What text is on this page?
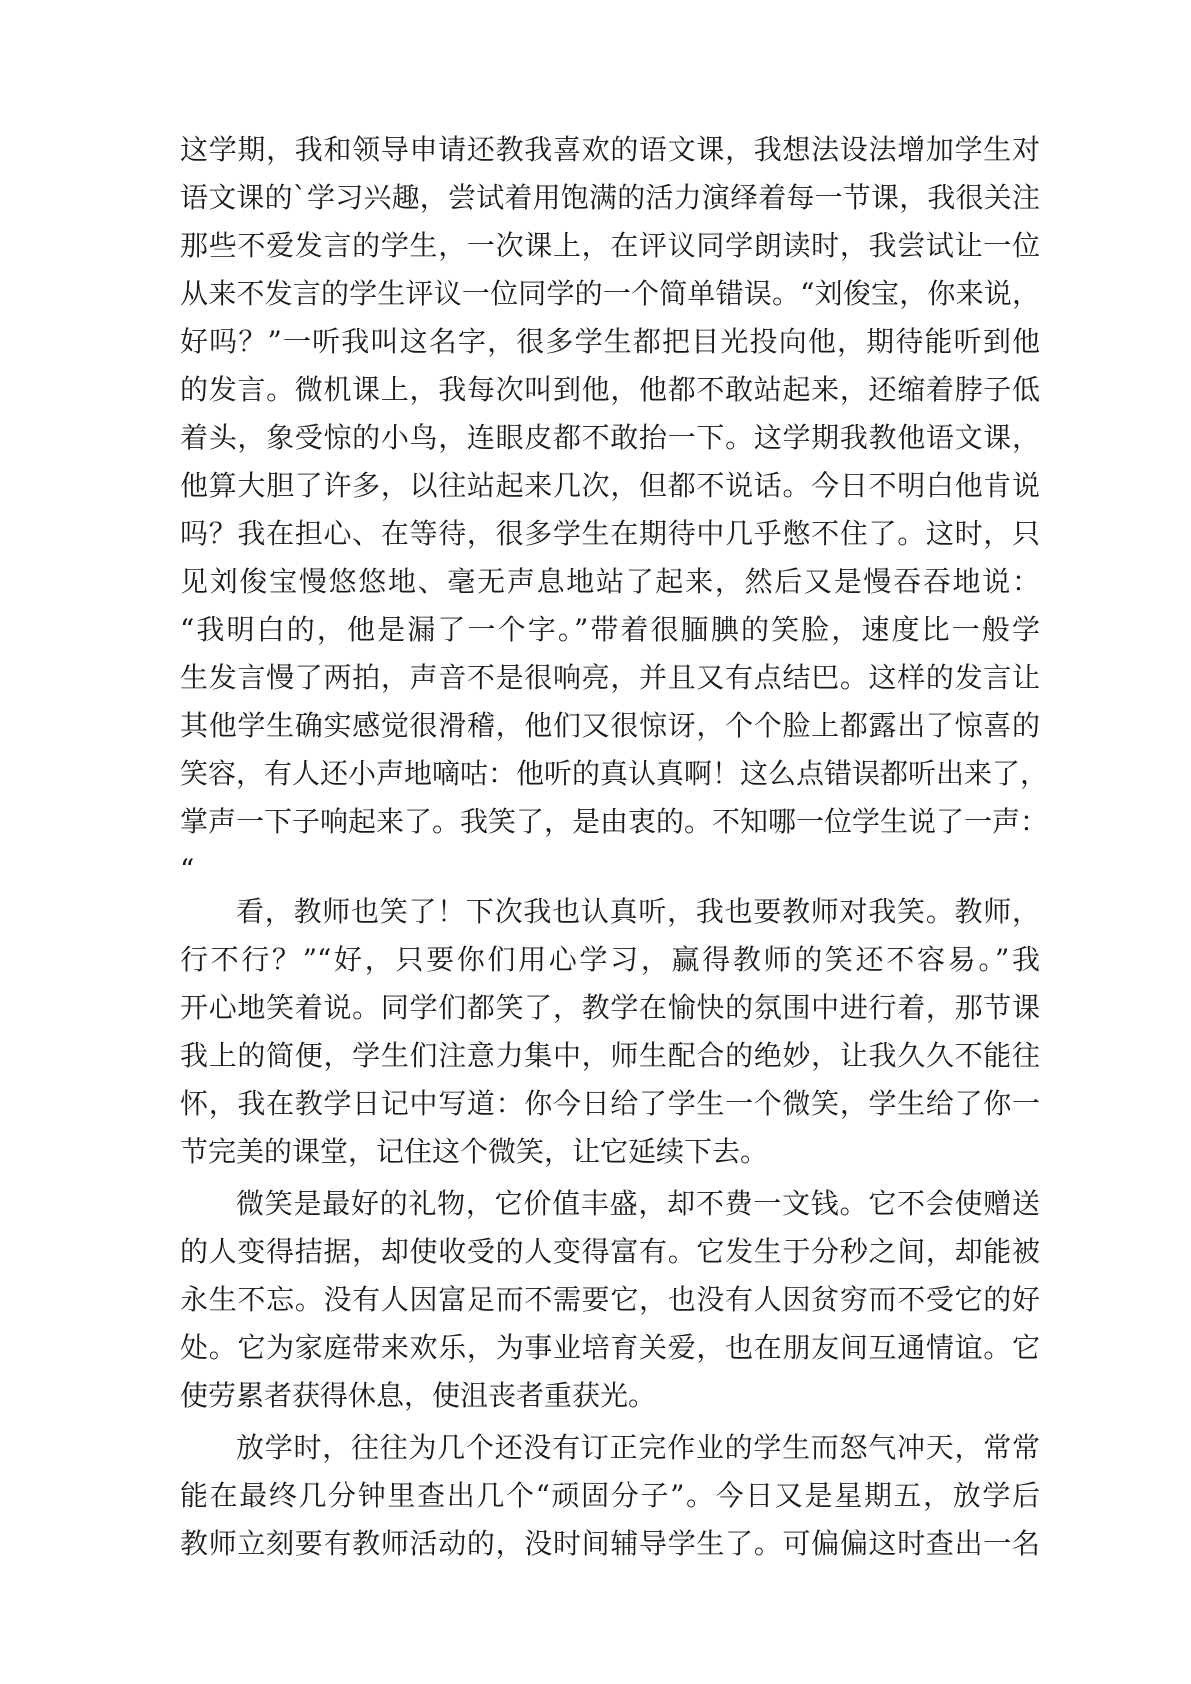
这学期，我和领导申请还教我喜欢的语文课，我想法设法增加学生对
语文课的`学习兴趣，尝试着用饱满的活力演绎着每一节课，我很关注
那些不爱发言的学生，一次课上，在评议同学朗读时，我尝试让一位
从来不发言的学生评议一位同学的一个简单错误。“刘俊宝，你来说，
好吗？”一听我叫这名字，很多学生都把目光投向他，期待能听到他
的发言。微机课上，我每次叫到他，他都不敢站起来，还缩着脖子低
着头，象受惊的小鸟，连眼皮都不敢抬一下。这学期我教他语文课，
他算大胆了许多，以往站起来几次，但都不说话。今日不明白他肯说
吗？我在担心、在等待，很多学生在期待中几乎憋不住了。这时，只
见刘俊宝慢悠悠地、毫无声息地站了起来，然后又是慢吞吞地说：
“我明白的，他是漏了一个字。”带着很腼腆的笑脸，速度比一般学
生发言慢了两拍，声音不是很响亮，并且又有点结巴。这样的发言让
其他学生确实感觉很滑稽，他们又很惊讶，个个脸上都露出了惊喜的
笑容，有人还小声地嘀咕：他听的真认真啊！这么点错误都听出来了，
掌声一下子响起来了。我笑了，是由衷的。不知哪一位学生说了一声：
“
看，教师也笑了！下次我也认真听，我也要教师对我笑。教师，
行不行？”“好，只要你们用心学习，赢得教师的笑还不容易。”我
开心地笑着说。同学们都笑了，教学在愉快的氛围中进行着，那节课
我上的简便，学生们注意力集中，师生配合的绝妙，让我久久不能往
怀，我在教学日记中写道：你今日给了学生一个微笑，学生给了你一
节完美的课堂，记住这个微笑，让它延续下去。
微笑是最好的礼物，它价值丰盛，却不费一文钱。它不会使赠送
的人变得拮据，却使收受的人变得富有。它发生于分秒之间，却能被
永生不忘。没有人因富足而不需要它，也没有人因贫穷而不受它的好
处。它为家庭带来欢乐，为事业培育关爱，也在朋友间互通情谊。它
使劳累者获得休息，使沮丧者重获光。
放学时，往往为几个还没有订正完作业的学生而怒气冲天，常常
能在最终几分钟里查出几个“顽固分子”。今日又是星期五，放学后
教师立刻要有教师活动的，没时间辅导学生了。可偏偏这时查出一名
